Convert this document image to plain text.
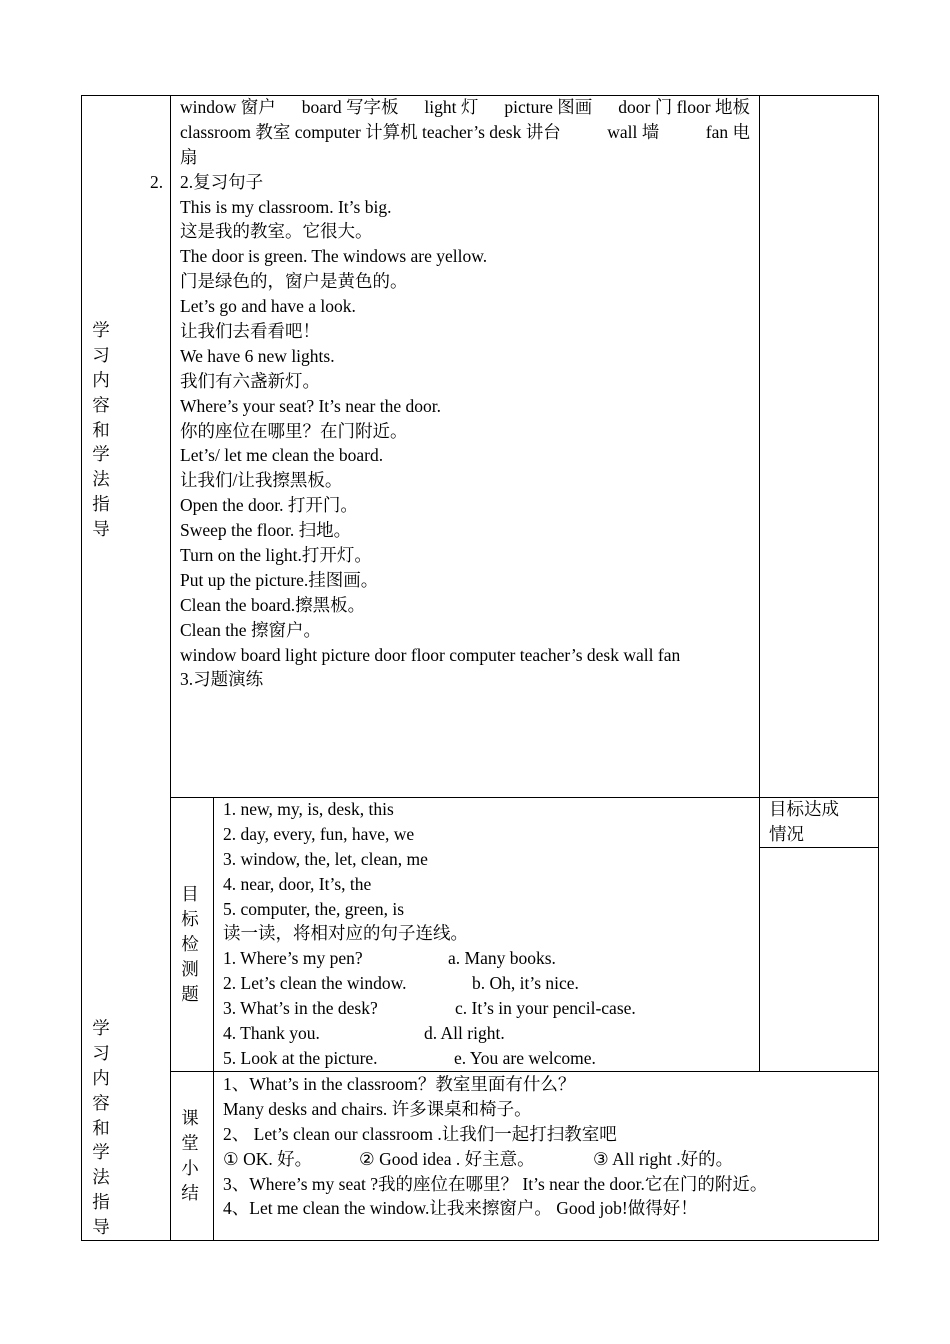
学
习
内
容
和
学
法
指
导
2.
window 窗户 board 写字板 light 灯 picture 图画 door 门 floor 地板
classroom 教室 computer 计算机 teacher’s desk 讲台	wall 墙	fan 电
扇
2.复习句子
This is my classroom. It’s big.
这是我的教室。它很大。
The door is green. The windows are yellow.
门是绿色的，窗户是黄色的。
Let’s go and have a look.
让我们去看看吧！
We have 6 new lights.
我们有六盏新灯。
Where’s your seat? It’s near the door.
你的座位在哪里？在门附近。
Let’s/ let me clean the board.
让我们/让我擦黑板。
Open the door. 打开门。
Sweep the floor. 扫地。
Turn on the light.打开灯。
Put up the picture.挂图画。
Clean the board.擦黑板。
Clean the 擦窗户。
window board light picture door floor computer teacher’s desk wall fan
3.习题演练
学
习
内
容
和
学
法
指
导
目
标
检
测
题
目标达成
情况
1. new, my, is, desk, this
2. day, every, fun, have, we
3. window, the, let, clean, me
4. near, door, It’s, the
5. computer, the, green, is
读一读，将相对应的句子连线。
1. Where’s my pen?	a. Many books.
2. Let’s clean the window.	b. Oh, it’s nice.
3. What’s in the desk?	c. It’s in your pencil-case.
4. Thank you.	d. All right.
5. Look at the picture.	e. You are welcome.
课
堂
小
结
1、What’s in the classroom？教室里面有什么？
Many desks and chairs. 许多课桌和椅子。
2、 Let’s clean our classroom .让我们一起打扫教室吧
① OK. 好。	② Good idea . 好主意。	③ All right .好的。
3、Where’s my seat ?我的座位在哪里？ It’s near the door.它在门的附近。
4、Let me clean the window.让我来擦窗户。 Good job!做得好！
